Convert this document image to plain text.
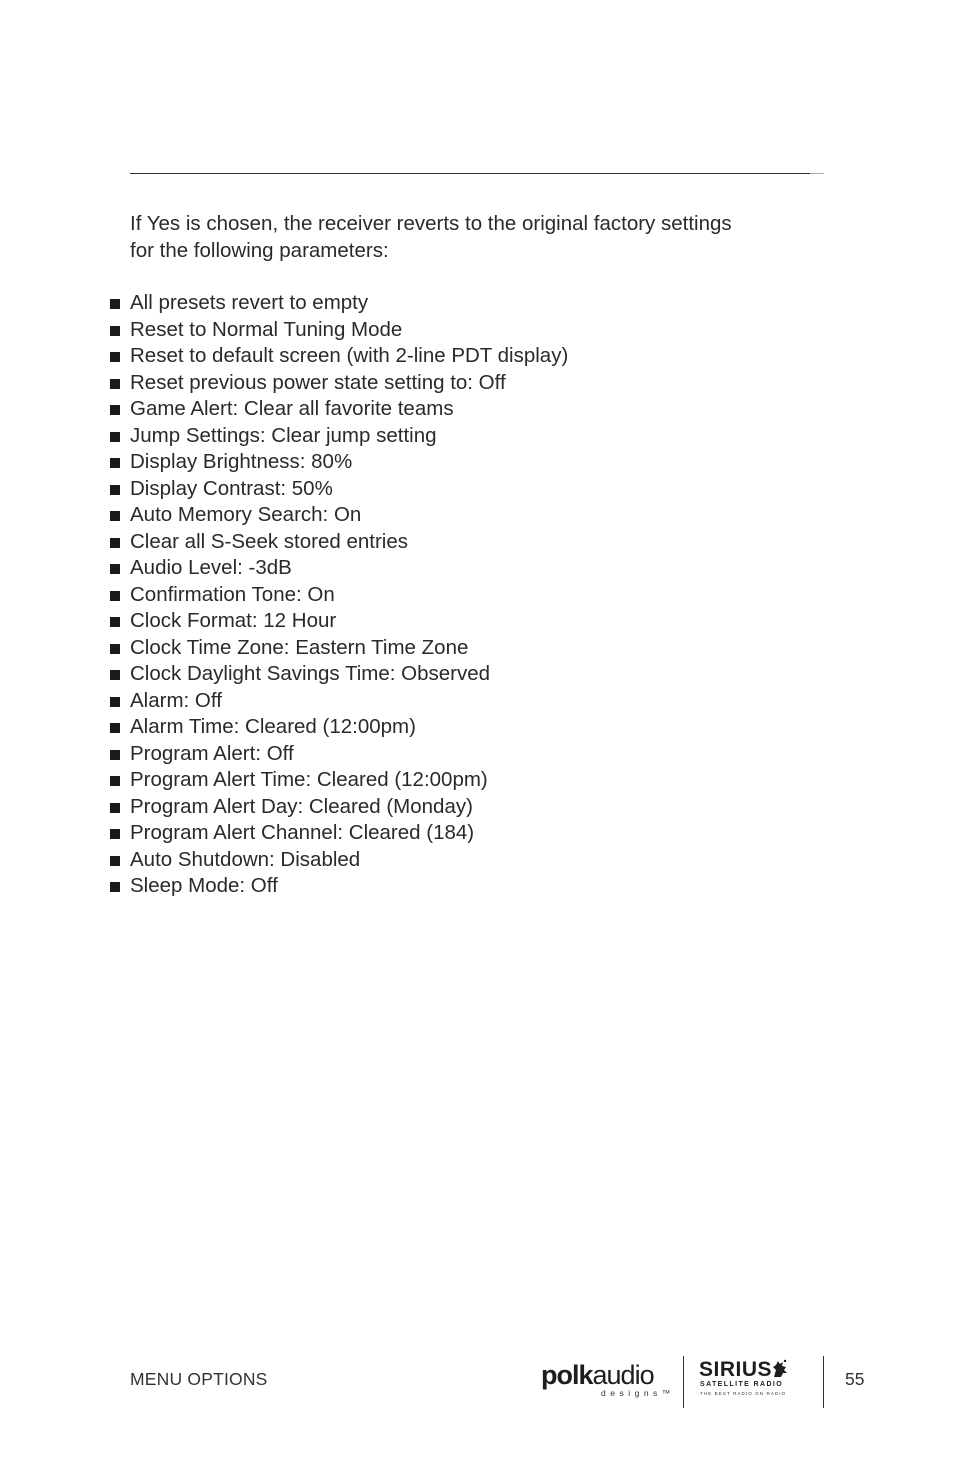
If Yes is chosen, the receiver reverts to the original factory settings
for the following parameters:

All presets revert to empty
Reset to Normal Tuning Mode
Reset to default screen (with 2-line PDT display)
Reset previous power state setting to: Off
Game Alert: Clear all favorite teams
Jump Settings: Clear jump setting
Display Brightness: 80%
Display Contrast: 50%
Auto Memory Search: On
Clear all S-Seek stored entries
Audio Level: -3dB
Confirmation Tone: On
Clock Format: 12 Hour
Clock Time Zone: Eastern Time Zone
Clock Daylight Savings Time: Observed
Alarm: Off
Alarm Time: Cleared (12:00pm)
Program Alert: Off
Program Alert Time: Cleared (12:00pm)
Program Alert Day: Cleared (Monday)
Program Alert Channel: Cleared (184)
Auto Shutdown: Disabled
Sleep Mode: Off
MENU OPTIONS	polkaudio
designs™
SIRIUS
SATELLITE RADIO
THE BEST RADIO ON RADIO
55
